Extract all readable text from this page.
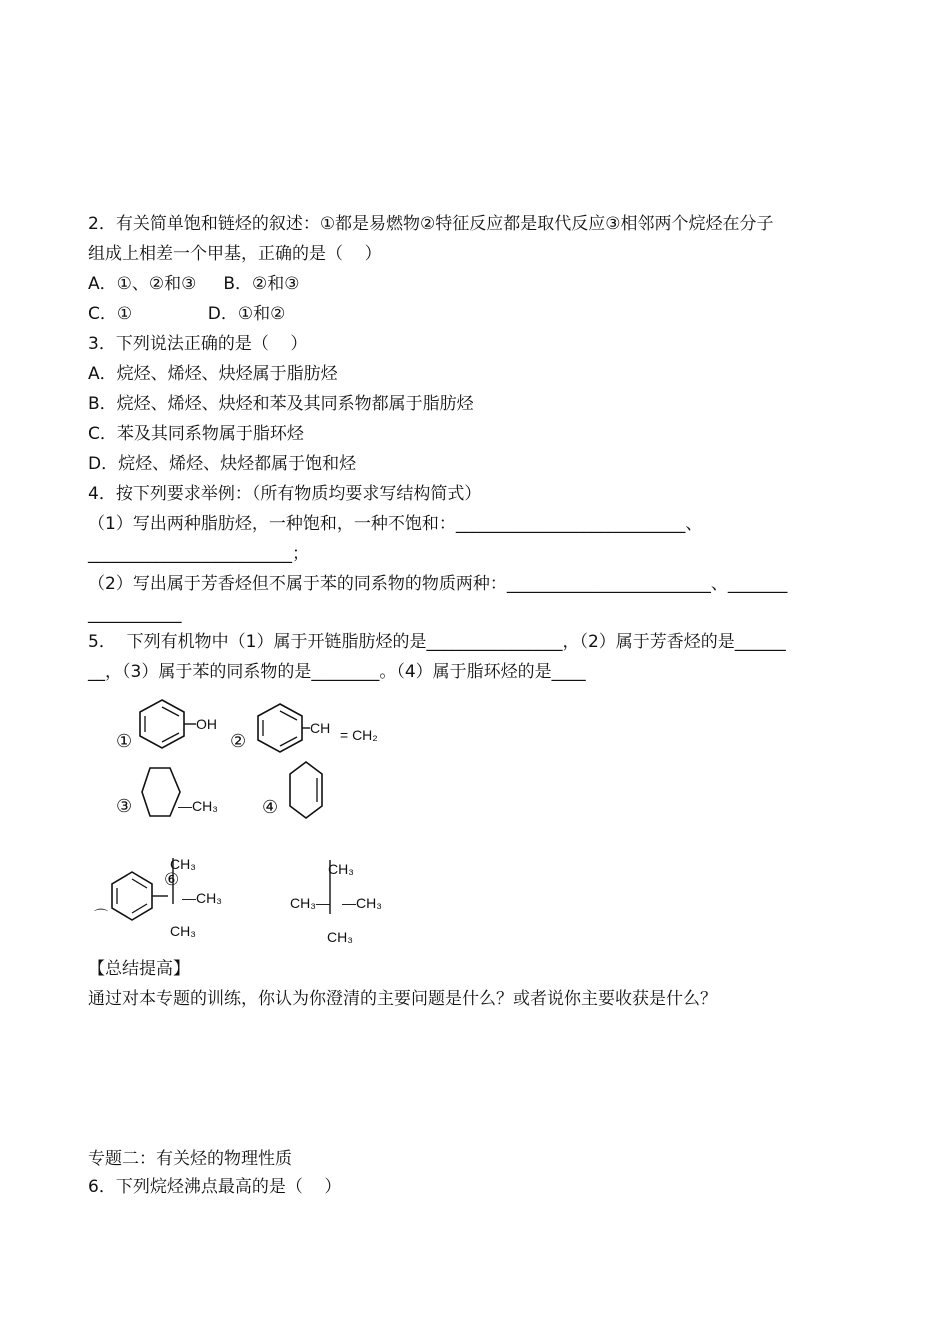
2．有关简单饱和链烃的叙述：①都是易燃物②特征反应都是取代反应③相邻两个烷烃在分子
组成上相差一个甲基，正确的是（    ）
A．①、②和③     B．②和③
C．①              D．①和②
3．下列说法正确的是（    ）
A．烷烃、烯烃、炔烃属于脂肪烃
B．烷烃、烯烃、炔烃和苯及其同系物都属于脂肪烃
C．苯及其同系物属于脂环烃
D．烷烃、烯烃、炔烃都属于饱和烃
4．按下列要求举例：（所有物质均要求写结构简式）
（1）写出两种脂肪烃，一种饱和，一种不饱和：___________________________、
________________________；
（2）写出属于芳香烃但不属于苯的同系物的物质两种：________________________、_______
___________
5．  下列有机物中（1）属于开链脂肪烃的是________________，（2）属于芳香烃的是______
__，（3）属于苯的同系物的是________。（4）属于脂环烃的是____
①
OH
②
CH = CH₂
③	—CH₃ ④
⌒
CH₃
⑥
—CH₃
CH₃
CH₃
CH₃— —CH₃
CH₃
【总结提高】
通过对本专题的训练，你认为你澄清的主要问题是什么？或者说你主要收获是什么？
专题二：有关烃的物理性质
6．下列烷烃沸点最高的是（    ）
